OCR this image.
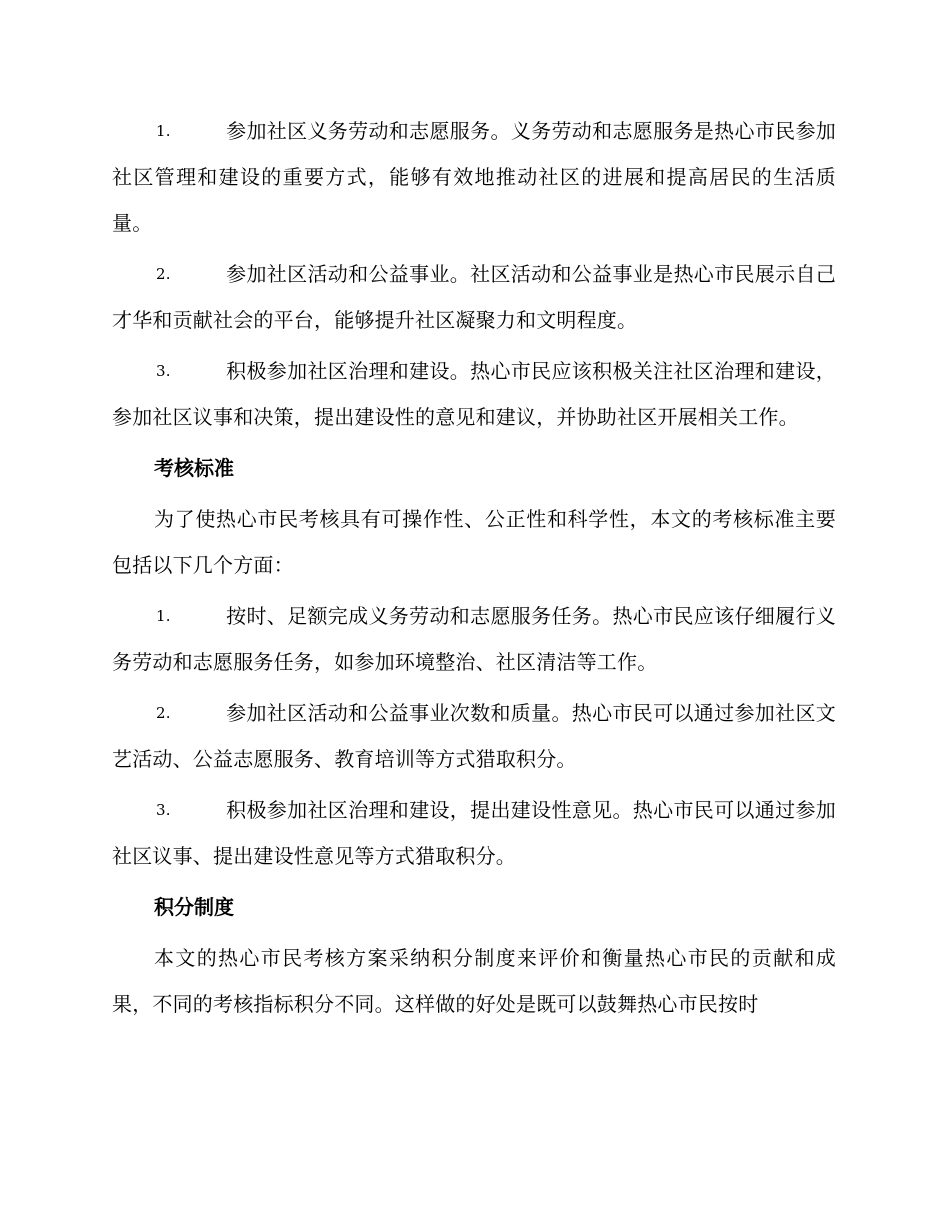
1.	参加社区义务劳动和志愿服务。义务劳动和志愿服务是热心市民参加社区管理和建设的重要方式，能够有效地推动社区的进展和提高居民的生活质量。

2.	参加社区活动和公益事业。社区活动和公益事业是热心市民展示自己才华和贡献社会的平台，能够提升社区凝聚力和文明程度。

3.	积极参加社区治理和建设。热心市民应该积极关注社区治理和建设，参加社区议事和决策，提出建设性的意见和建议，并协助社区开展相关工作。

考核标准

为了使热心市民考核具有可操作性、公正性和科学性，本文的考核标准主要包括以下几个方面：

1.	按时、足额完成义务劳动和志愿服务任务。热心市民应该仔细履行义务劳动和志愿服务任务，如参加环境整治、社区清洁等工作。

2.	参加社区活动和公益事业次数和质量。热心市民可以通过参加社区文艺活动、公益志愿服务、教育培训等方式猎取积分。

3.	积极参加社区治理和建设，提出建设性意见。热心市民可以通过参加社区议事、提出建设性意见等方式猎取积分。

积分制度

本文的热心市民考核方案采纳积分制度来评价和衡量热心市民的贡献和成果，不同的考核指标积分不同。这样做的好处是既可以鼓舞热心市民按时
